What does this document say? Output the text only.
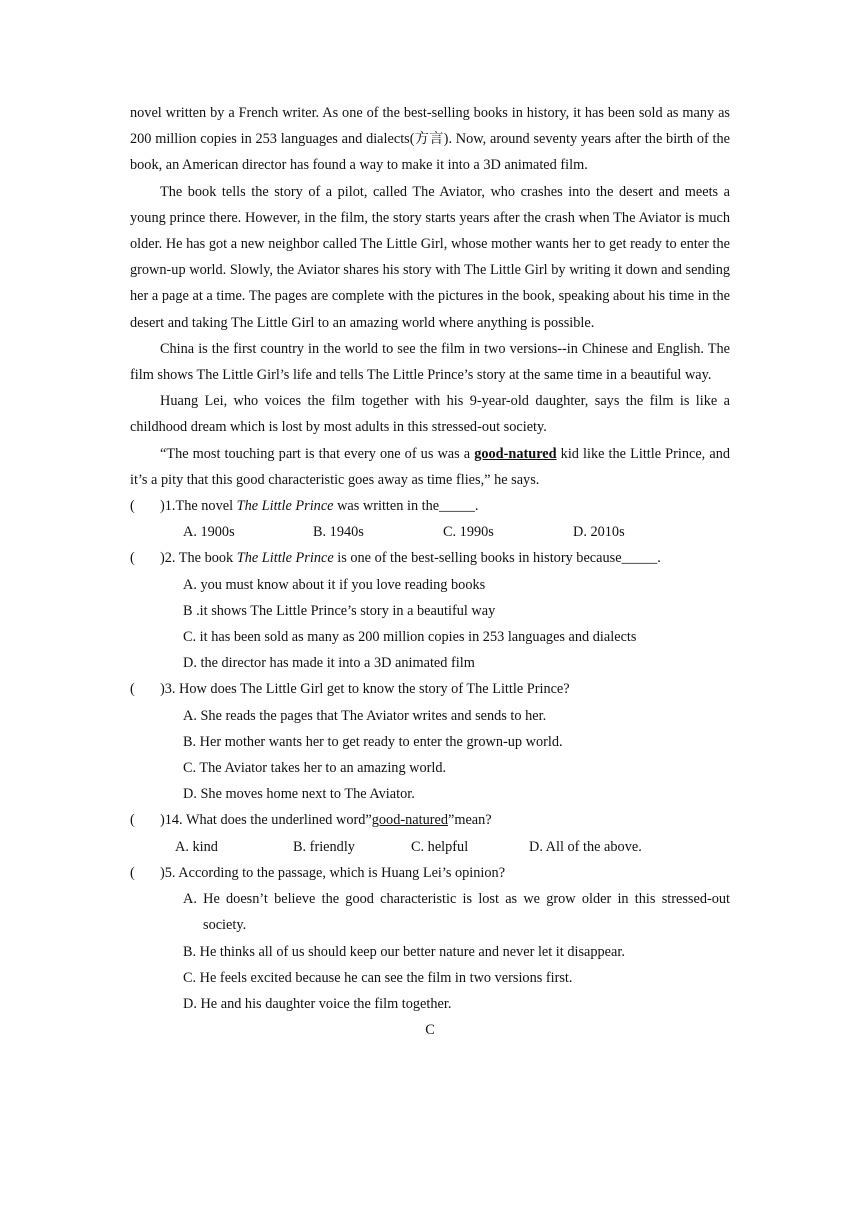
novel written by a French writer. As one of the best-selling books in history, it has been sold as many as 200 million copies in 253 languages and dialects(方言). Now, around seventy years after the birth of the book, an American director has found a way to make it into a 3D animated film.

The book tells the story of a pilot, called The Aviator, who crashes into the desert and meets a young prince there. However, in the film, the story starts years after the crash when The Aviator is much older. He has got a new neighbor called The Little Girl, whose mother wants her to get ready to enter the grown-up world. Slowly, the Aviator shares his story with The Little Girl by writing it down and sending her a page at a time. The pages are complete with the pictures in the book, speaking about his time in the desert and taking The Little Girl to an amazing world where anything is possible.

China is the first country in the world to see the film in two versions--in Chinese and English. The film shows The Little Girl’s life and tells The Little Prince’s story at the same time in a beautiful way.

Huang Lei, who voices the film together with his 9-year-old daughter, says the film is like a childhood dream which is lost by most adults in this stressed-out society.

“The most touching part is that every one of us was a good-natured kid like the Little Prince, and it’s a pity that this good characteristic goes away as time flies,” he says.

( )1.The novel The Little Prince was written in the_____.

A. 1900s	B. 1940s	C. 1990s	D. 2010s

( )2. The book The Little Prince is one of the best-selling books in history because_____.

A. you must know about it if you love reading books

B .it shows The Little Prince’s story in a beautiful way

C. it has been sold as many as 200 million copies in 253 languages and dialects

D. the director has made it into a 3D animated film

( )3. How does The Little Girl get to know the story of The Little Prince?

A. She reads the pages that The Aviator writes and sends to her.

B. Her mother wants her to get ready to enter the grown-up world.

C. The Aviator takes her to an amazing world.

D. She moves home next to The Aviator.

( )14. What does the underlined word”good-natured”mean?

A. kind	B. friendly	C. helpful	D. All of the above.

( )5. According to the passage, which is Huang Lei’s opinion?

A. He doesn’t believe the good characteristic is lost as we grow older in this stressed-out society.

B. He thinks all of us should keep our better nature and never let it disappear.

C. He feels excited because he can see the film in two versions first.

D. He and his daughter voice the film together.

C
